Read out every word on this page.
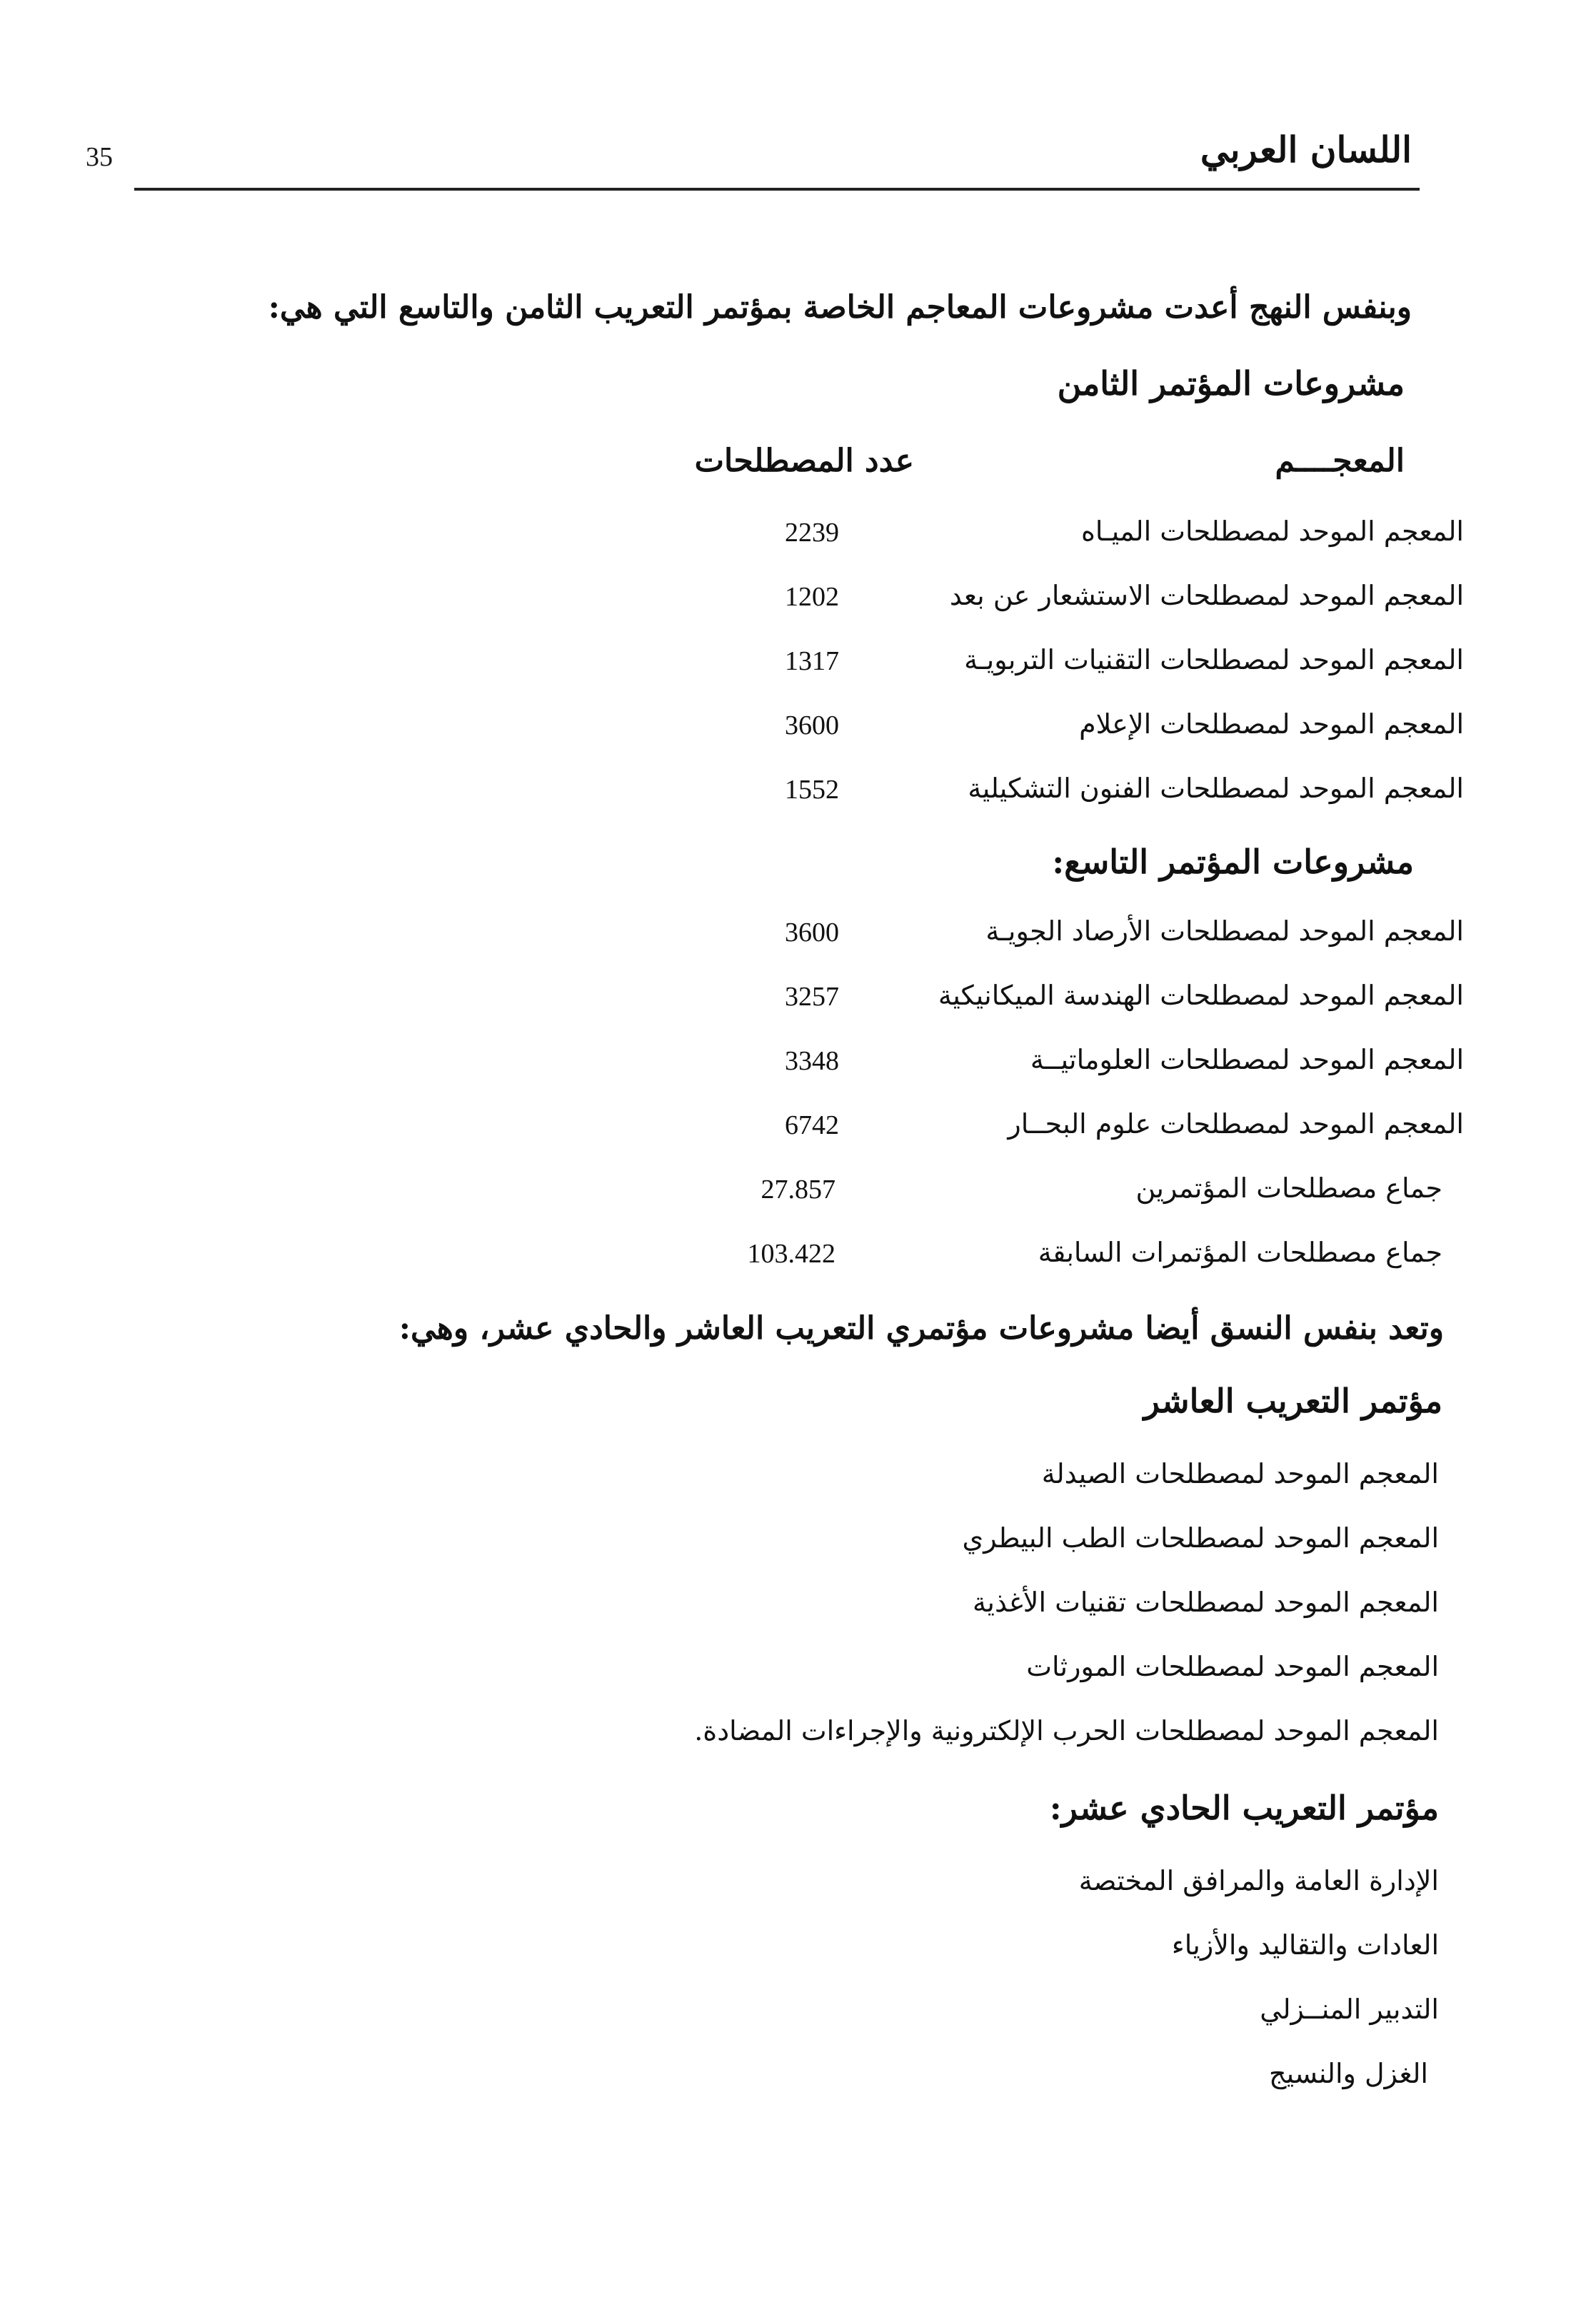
35	اللسان العربي
وبنفس النهج أعدت مشروعات المعاجم الخاصة بمؤتمر التعريب الثامن والتاسع التي هي:
مشروعات المؤتمر الثامن
المعجــــم
عدد المصطلحات
المعجم الموحد لمصطلحات الميـاه
2239
المعجم الموحد لمصطلحات الاستشعار عن بعد
1202
المعجم الموحد لمصطلحات التقنيات التربويـة
1317
المعجم الموحد لمصطلحات الإعلام
3600
المعجم الموحد لمصطلحات الفنون التشكيلية
1552
مشروعات المؤتمر التاسع:
المعجم الموحد لمصطلحات الأرصاد الجويـة
3600
المعجم الموحد لمصطلحات الهندسة الميكانيكية
3257
المعجم الموحد لمصطلحات العلوماتيــة
3348
المعجم الموحد لمصطلحات علوم البحــار
6742
جماع مصطلحات المؤتمرين
27.857
جماع مصطلحات المؤتمرات السابقة
103.422
وتعد بنفس النسق أيضا مشروعات مؤتمري التعريب العاشر والحادي عشر، وهي:
مؤتمر التعريب العاشر
المعجم الموحد لمصطلحات الصيدلة
المعجم الموحد لمصطلحات الطب البيطري
المعجم الموحد لمصطلحات تقنيات الأغذية
المعجم الموحد لمصطلحات المورثات
المعجم الموحد لمصطلحات الحرب الإلكترونية والإجراءات المضادة.
مؤتمر التعريب الحادي عشر:
الإدارة العامة والمرافق المختصة
العادات والتقاليد والأزياء
التدبير المنــزلي
الغزل والنسيج
